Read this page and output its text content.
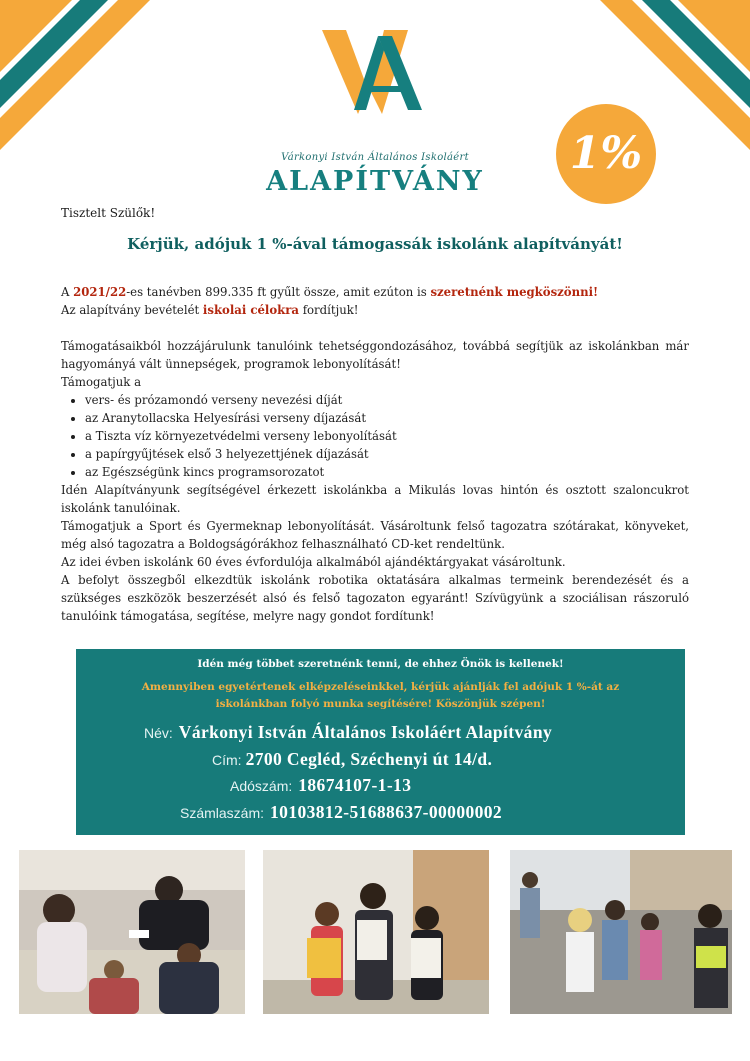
Várkonyi István Általános Iskoláért
ALAPÍTVÁNY
1%
Tisztelt Szülők!
Kérjük, adójuk 1 %-ával támogassák iskolánk alapítványát!

A 2021/22-es tanévben 899.335 ft gyűlt össze, amit ezúton is szeretnénk megköszönni!

Az alapítvány bevételét iskolai célokra fordítjuk!

Támogatásaikból hozzájárulunk tanulóink tehetséggondozásához, továbbá segítjük az iskolánkban már hagyományá vált ünnepségek, programok lebonyolítását!

Támogatjuk a

• vers- és prózamondó verseny nevezési díját
• az Aranytollacska Helyesírási verseny díjazását
• a Tiszta víz környezetvédelmi verseny lebonyolítását
• a papírgyűjtések első 3 helyezettjének díjazását
• az Egészségünk kincs programsorozatot

Idén Alapítványunk segítségével érkezett iskolánkba a Mikulás lovas hintón és osztott szaloncukrot iskolánk tanulóinak.

Támogatjuk a Sport és Gyermeknap lebonyolítását. Vásároltunk felső tagozatra szótárakat, könyveket, még alsó tagozatra a Boldogságórákhoz felhasználható CD-ket rendeltünk.

Az idei évben iskolánk 60 éves évfordulója alkalmából ajándéktárgyakat vásároltunk.

A befolyt összegből elkezdtük iskolánk robotika oktatására alkalmas termeink berendezését és a szükséges eszközök beszerzését alsó és felső tagozaton egyaránt! Szívügyünk a szociálisan rászoruló tanulóink támogatása, segítése, melyre nagy gondot fordítunk!

Idén még többet szeretnénk tenni, de ehhez Önök is kellenek!
Amennyiben egyetértenek elképzeléseinkkel, kérjük ajánlják fel adójuk 1 %-át az
iskolánkban folyó munka segítésére! Köszönjük szépen!
Név: Várkonyi István Általános Iskoláért Alapítvány
Cím: 2700 Cegléd, Széchenyi út 14/d.
Adószám: 18674107-1-13
Számlaszám: 10103812-51688637-00000002
